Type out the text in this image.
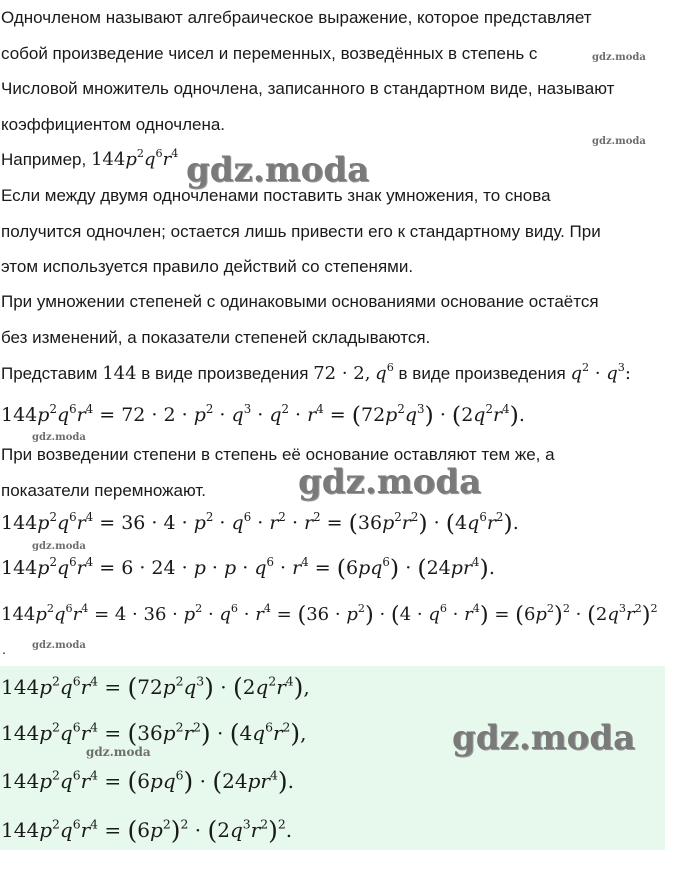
Одночленом называют алгебраическое выражение, которое представляет
собой произведение чисел и переменных, возведённых в степень с
Числовой множитель одночлена, записанного в стандартном виде, называют
коэффициентом одночлена.
Например, $144p^2q^6r^4$
Если между двумя одночленами поставить знак умножения, то снова
получится одночлен; остается лишь привести его к стандартному виду. При
этом используется правило действий со степенями.
При умножении степеней с одинаковыми основаниями основание остаётся
без изменений, а показатели степеней складываются.
Представим 144 в виде произведения 72 · 2, $q^6$ в виде произведения $q^2 \cdot q^3$:
$144p^2q^6r^4 = 72 \cdot 2 \cdot p^2 \cdot q^3 \cdot q^2 \cdot r^4 = (72p^2q^3) \cdot (2q^2r^4)$.
При возведении степени в степень её основание оставляют тем же, а
показатели перемножают.
$144p^2q^6r^4 = 36 \cdot 4 \cdot p^2 \cdot q^6 \cdot r^2 \cdot r^2 = (36p^2r^2) \cdot (4q^6r^2)$.
$144p^2q^6r^4 = 6 \cdot 24 \cdot p \cdot p \cdot q^6 \cdot r^4 = (6pq^6) \cdot (24pr^4)$.
$144p^2q^6r^4 = 4 \cdot 36 \cdot p^2 \cdot q^6 \cdot r^4 = (36 \cdot p^2) \cdot (4 \cdot q^6 \cdot r^4) = (6p^2)^2 \cdot (2q^3r^2)^2$
.
$144p^2q^6r^4 = (72p^2q^3) \cdot (2q^2r^4)$,
$144p^2q^6r^4 = (36p^2r^2) \cdot (4q^6r^2)$,
$144p^2q^6r^4 = (6pq^6) \cdot (24pr^4)$.
$144p^2q^6r^4 = (6p^2)^2 \cdot (2q^3r^2)^2$.
gdz.moda
gdz.moda
gdz.moda
gdz.moda
gdz.moda
gdz.moda
gdz.moda
gdz.moda
gdz.moda
